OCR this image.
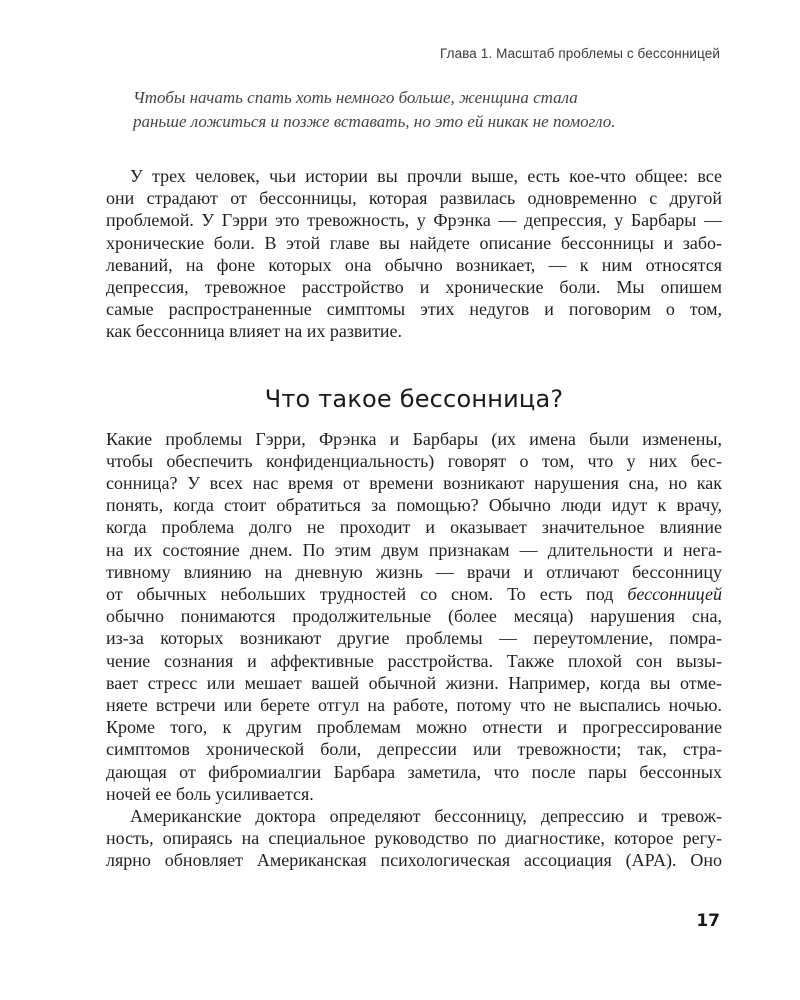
Глава 1. Масштаб проблемы с бессонницей
Чтобы начать спать хоть немного больше, женщина стала
раньше ложиться и позже вставать, но это ей никак не помогло.

У трех человек, чьи истории вы прочли выше, есть кое-что общее: все
они страдают от бессонницы, которая развилась одновременно с другой
проблемой. У Гэрри это тревожность, у Фрэнка — депрессия, у Барбары —
хронические боли. В этой главе вы найдете описание бессонницы и забо-
леваний, на фоне которых она обычно возникает, — к ним относятся
депрессия, тревожное расстройство и хронические боли. Мы опишем
самые распространенные симптомы этих недугов и поговорим о том,
как бессонница влияет на их развитие.

Что такое бессонница?

Какие проблемы Гэрри, Фрэнка и Барбары (их имена были изменены,
чтобы обеспечить конфиденциальность) говорят о том, что у них бес-
сонница? У всех нас время от времени возникают нарушения сна, но как
понять, когда стоит обратиться за помощью? Обычно люди идут к врачу,
когда проблема долго не проходит и оказывает значительное влияние
на их состояние днем. По этим двум признакам — длительности и нега-
тивному влиянию на дневную жизнь — врачи и отличают бессонницу
от обычных небольших трудностей со сном. То есть под бессонницей
обычно понимаются продолжительные (более месяца) нарушения сна,
из-за которых возникают другие проблемы — переутомление, помра-
чение сознания и аффективные расстройства. Также плохой сон вызы-
вает стресс или мешает вашей обычной жизни. Например, когда вы отме-
няете встречи или берете отгул на работе, потому что не выспались ночью.
Кроме того, к другим проблемам можно отнести и прогрессирование
симптомов хронической боли, депрессии или тревожности; так, стра-
дающая от фибромиалгии Барбара заметила, что после пары бессонных
ночей ее боль усиливается.

Американские доктора определяют бессонницу, депрессию и тревож-
ность, опираясь на специальное руководство по диагностике, которое регу-
лярно обновляет Американская психологическая ассоциация (APA). Оно

17
